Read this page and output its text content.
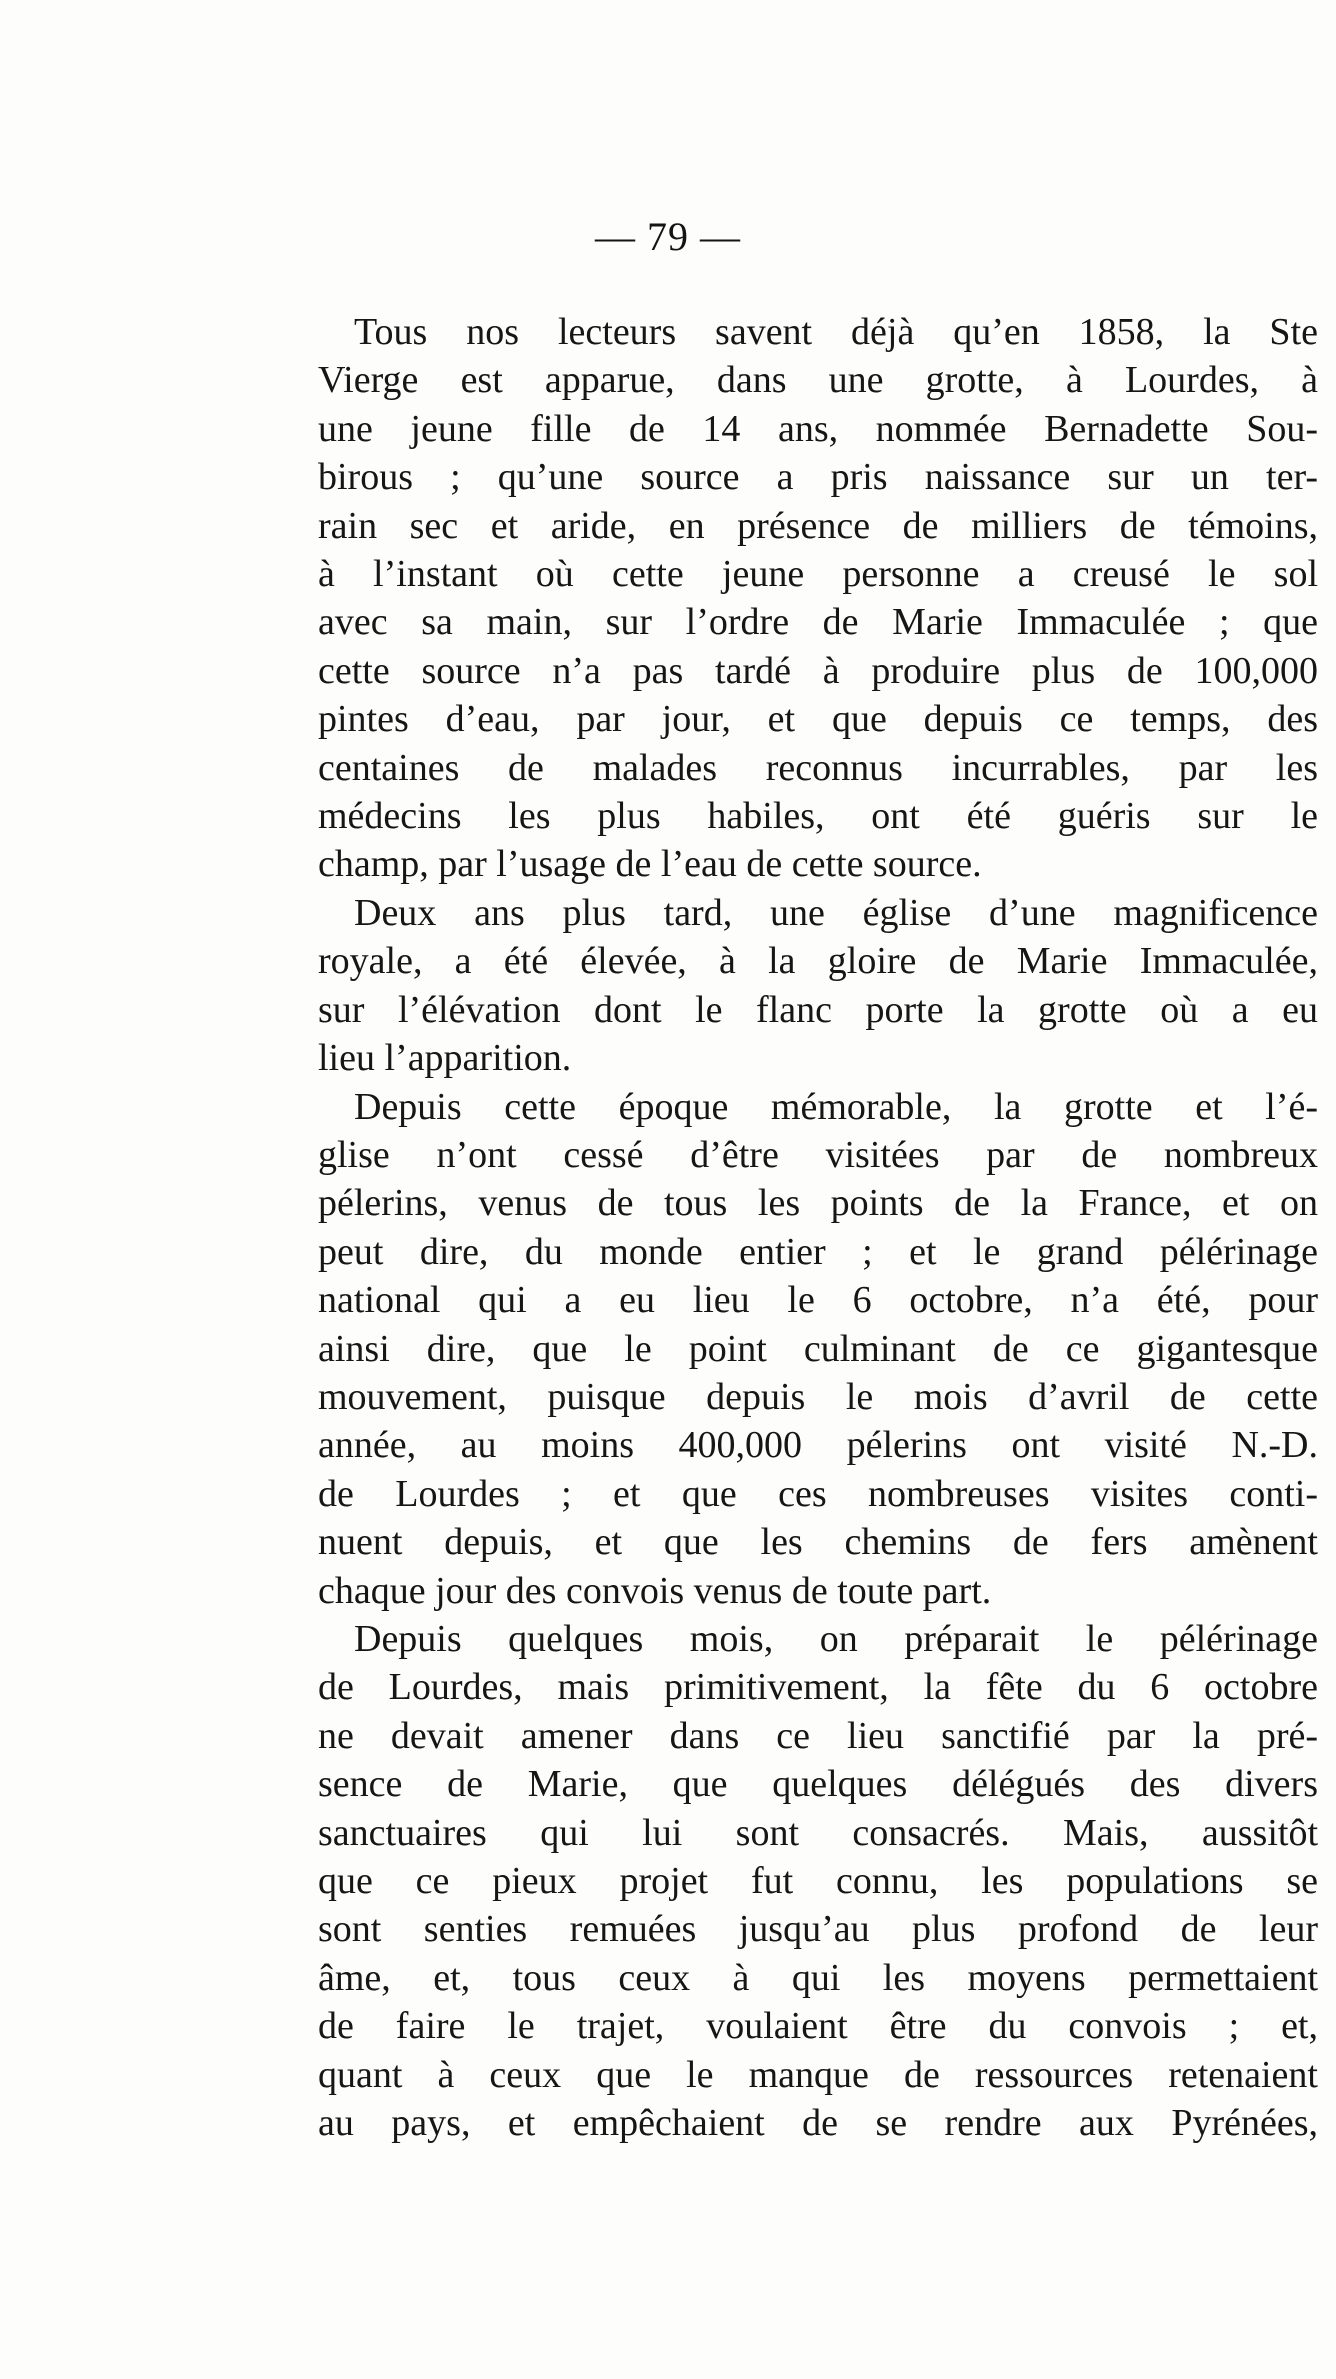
— 79 —
Tous nos lecteurs savent déjà qu’en 1858, la Ste
Vierge est apparue, dans une grotte, à Lourdes, à
une jeune fille de 14 ans, nommée Bernadette Sou-
birous ; qu’une source a pris naissance sur un ter-
rain sec et aride, en présence de milliers de témoins,
à l’instant où cette jeune personne a creusé le sol
avec sa main, sur l’ordre de Marie Immaculée ; que
cette source n’a pas tardé à produire plus de 100,000
pintes d’eau, par jour, et que depuis ce temps, des
centaines de malades reconnus incurrables, par les
médecins les plus habiles, ont été guéris sur le
champ, par l’usage de l’eau de cette source.
Deux ans plus tard, une église d’une magnificence
royale, a été élevée, à la gloire de Marie Immaculée,
sur l’élévation dont le flanc porte la grotte où a eu
lieu l’apparition.
Depuis cette époque mémorable, la grotte et l’é-
glise n’ont cessé d’être visitées par de nombreux
pélerins, venus de tous les points de la France, et on
peut dire, du monde entier ; et le grand pélérinage
national qui a eu lieu le 6 octobre, n’a été, pour
ainsi dire, que le point culminant de ce gigantesque
mouvement, puisque depuis le mois d’avril de cette
année, au moins 400,000 pélerins ont visité N.-D.
de Lourdes ; et que ces nombreuses visites conti-
nuent depuis, et que les chemins de fers amènent
chaque jour des convois venus de toute part.
Depuis quelques mois, on préparait le pélérinage
de Lourdes, mais primitivement, la fête du 6 octobre
ne devait amener dans ce lieu sanctifié par la pré-
sence de Marie, que quelques délégués des divers
sanctuaires qui lui sont consacrés. Mais, aussitôt
que ce pieux projet fut connu, les populations se
sont senties remuées jusqu’au plus profond de leur
âme, et, tous ceux à qui les moyens permettaient
de faire le trajet, voulaient être du convois ; et,
quant à ceux que le manque de ressources retenaient
au pays, et empêchaient de se rendre aux Pyrénées,
